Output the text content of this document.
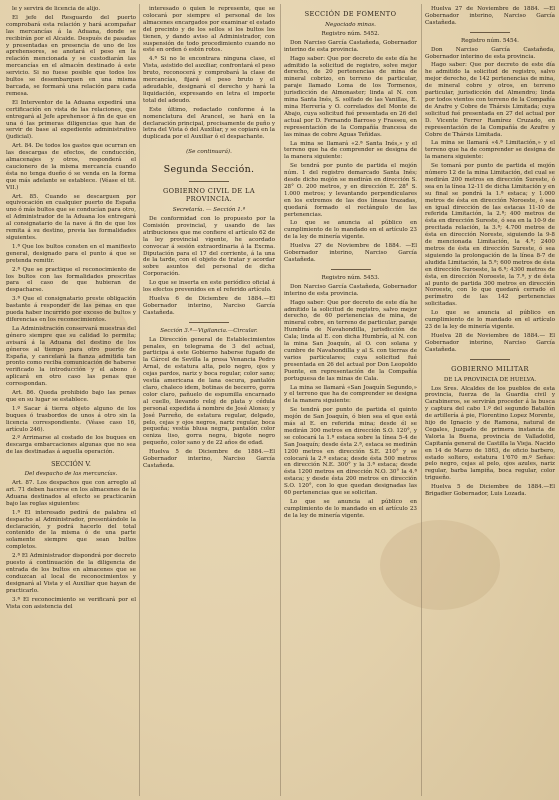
le y servirá de licencia de alijo.

El jefe del Resguardo del puerto comprobará esta relación y hará acompañar las mercancías á la Aduana, donde se recibirán por el Alcaide. Después de pasadas y presentadas en presencia de uno de los aprehensores, se anotará el peso en la relación mencionada y se custodiarán las mercancías en el almacén destinado á este servicio. Si no fuese posible que todos los bultos se desembarquen en una misma barcada, se formará una relación para cada remesa.

El Interventor de la Aduana expedirá una certificación en vista de las relaciones, que entregará al Jefe aprehensor á fin de que en una ó las primeras diligencias que han de servir de base al expediente administrativo (judicial).

Art. 84. De todos los gastos que ocurran en las descargas de efectos, de conducción, almacenajes y otros, responderá el caucionero de la misma mercancía cuando ésta no tenga dueño ó se venda en la forma que más adelante se establece. (Véase el tit. VII.)

Art. 85. Cuando se descarguen por equivocación en cualquier puerto de España uno ó más bultos que se conducían para otro, el Administrador de la Aduana los entregará al consignatario de la nave á fin de que los remita á su destino, previa las formalidades siguientes.

1.ª Que los bultos consten en el manifiesto general, designado para el punto á que se pretenda remitir.

2.ª Que se practique el reconocimiento de los bultos con las formalidades prescritas para el caso de que hubieran de despacharse.

3.ª Que el consignatario preste obligación bastante á responder de las penas en que pueda haber incurrido por exceso de bultos y diferencias en los reconocimientos.

La Administración conservará muestras del género siempre que su calidad lo permita; avisará á la Aduana del destino de los géneros al tiempo para otro puerto de España, y cancelará la fianza admitida tan pronto como reciba comunicación de haberse verificado la introducción y el abono ó aplicará en otro caso las penas que correspondan.

Art. 86. Queda prohibido bajo las penas que en su lugar se establece.

1.º Sacar á tierra objeto alguno de los buques ó trasbordos de unos á otro sin la licencia correspondiente. (Véase caso 16, artículo 246).

2.º Arrimarse al costado de los buques en descarga embarcaciones algunas que no sea de las destinadas á aquella operación.

SECCIÓN V.

Del despacho de las mercancías.

Art. 87. Los despachos que con arreglo al art. 71 deben hacerse en los almacenes de la Aduana destinados al efecto se practicarán bajo las reglas siguientes:

1.ª El interesado pedirá de palabra el despacho al Administrador, presentándole la declaración, y podrá hacerlo del total contenido de la misma ó de una parte solamente siempre que sean bultos completos.

2.ª El Administrador dispondrá por decreto puesto á continuación de la diligencia de entrada de los bultos en almacenes que se conduzcan al local de reconocimientos y designará al Vista y el Auxiliar que hayan de practicarlo.

3.ª El reconocimiento se verificará por el Vista con asistencia del

interesado ó quien le represente, que se colocará por siempre el personal de los almacenes encargados por examinar el estado del precinto y de los sellos si los bultos los tienen, y dando aviso al Administrador, con suspensión de todo procedimiento cuando no esté en orden ó estén rotos.

4.ª Si no le encontrara ninguna clase, el Vista, asistido del auxiliar, confrontará el peso bruto, reconocerá y comprobará la clase de mercancías, fijará el peso bruto y el adeudable, designará el derecho y hará la liquidación, expresando en letra el importe total del adeudo.

Este último, redactado conforme á la nomenclatura del Arancel, se hará en la declaración principal, precisamente de puño y letra del Vista ó del Auxiliar, y se copiará en la duplicada por el Auxiliar ó el despachante.

(Se continuará).

Segunda Sección.

GOBIERNO CIVIL DE LA PROVINCIA.

Secretaría. — Sección 1.ª

De conformidad con lo propuesto por la Comisión provincial, y usando de las atribuciones que me confiere el artículo 62 de la ley provincial vigente, he acordado convocar á sesión extraordinaria á la Excma. Diputación para el 17 del corriente, á la una de la tarde, con el objeto de tratar y acordar sobre asuntos del personal de dicha Corporación.

Lo que se inserta en este periódico oficial á los efectos prevenidos en el referido artículo.

Huelva 6 de Diciembre de 1884.—El Gobernador interino, Narciso García Castañeda.

Sección 3.ª—Vigilancia.—Circular.

La Dirección general de Establecimientos penales, en telegrama de 3 del actual, participa á este Gobierno haberse fugado de la Cárcel de Sevilla la presa Venancia Pedro Arnal, de estatura alta, pelo negro, ojos y cejas pardos, nariz y boca regular, color sano; vestía americana de lana oscura, pantalón claro, chaleco idem, botinas de becerro, gorra color claro, pañuelo de espumilla encarnado al cuello, llevando reloj de plata y cédula personal expedida á nombre de José Alonso; y José Parreño, de estatura regular, delgado, pelo, cejas y ojos negros, nariz regular, boca pequeña; vestía blusa negra, pantalón color ceniza liso, gorra negra, bigote negro pequeño, color sano y de 22 años de edad.

Huelva 5 de Diciembre de 1884.—El Gobernador interino, Narciso García Castañeda.

SECCIÓN DE FOMENTO

Negociado minas.

Registro núm. 5452.

Don Narciso García Castañeda, Gobernador interino de esta provincia.

Hago saber: Que por decreto de este día he admitido la solicitud de registro, solve mejor derecho, de 20 pertenencias de mina de mineral cobrizo, en terreno de particular, paraje llamado Loma de los Tormenos, jurisdicción de Almonaster; linda al N. con mina Santa Inés, S. solfado de las Vanillas, E. mina Herrería y O. correlados del Monte de Abajo, cuya solicitud fué presentada en 26 del actual por D. Fernando Barroso y Frasseu, en representación de la Compañía francesa de las minas de cobre Aguas Teñidas.

La mina se llamará «2.ª Santa Inés,» y el terreno que ha de comprender se designa de la manera siguiente:

Se tendrá por punto de partida el mojón núm. 1 del registro demarcado Santa Inés; desde dicho mojón se medirán en dirección S. 28° O. 200 metros, y en dirección E. 28° S. 1.000 metros; y levantando perpendiculares en los extremos de las dos líneas trazadas, quedará formado el rectángulo de las pertenencias.

Lo que se anuncia al público en cumplimiento de lo mandado en el artículo 23 de la ley de minería vigente.

Huelva 27 de Noviembre de 1884. —El Gobernador interino, Narciso García Castañeda.

Registro núm. 5453.

Don Narciso García Castañeda, Gobernador interino de esta provincia.

Hago saber: Que por decreto de este día he admitido la solicitud de registro, salvo mejor derecho, de 60 pertenencias de mina, de mineral cobre, en terreno de particular, paraje Humbría de Navahondilla, jurisdicción de Cala; linda al E. con dicha Humbría, al N. con la mina San Joaquín, al O. con solana y cumbre de Navahondilla y al S. con tierras de varios particulares; cuya solicitud fué presentada en 26 del actual por Don Leopoldo Puente, en representación de la Compañía portuguesa de las minas de Cala.

La mina se llamará «San Joaquín Segundo,» y el terreno que ha de comprender se designa de la manera siguiente:

Se tendrá por punto de partida el quinto mojón de San Joaquín, ó bien sea el que está más al E. en referida mina; desde él se medirán 300 metros en dirección S.O. 120°, y se colocará la 1.ª estaca sobre la línea 5-4 de San Joaquín; desde ésta 2.ª, estaca se medirán 1200 metros en dirección S.E. 210° y se colocará la 2.ª estaca; desde ésta 500 metros en dirección N.E. 300° y la 3.ª estaca; desde ésta 1200 metros en dirección N.O. 30° la 4.ª estaca; y desde ésta 200 metros en dirección S.O. 120°, con lo que quedan designadas las 60 pertenencias que se solicitan.

Lo que se anuncia al público en cumplimiento de lo mandado en el artículo 23 de la ley de minería vigente.

Huelva 27 de Noviembre de 1884. —El Gobernador interino, Narciso García Castañeda.

Registro núm. 5454.

Don Narciso García Castañeda, Gobernador interino de esta provincia.

Hago saber: Que por decreto de este día he admitido la solicitud de registro, salvo mejor derecho, de 142 pertenencias de mina, de mineral cobre y otros, en terreno particular, jurisdicción del Almendro; linda por todos vientos con terreno de la Compañía de Arafre y Cobre de Thársis Limitada; cuya solicitud fué presentada en 27 del actual por D. Vicente Ferrer Ramírez Cruzado, en representación de la Compañía de Azufre y Cobre de Thársis Limitada.

La mina se llamará «4.ª Limitación,» y el terreno que ha de comprender se designa de la manera siguiente:

Se tomará por punto de partida el mojón número 12 de la mina Limitación, del cual se medirán 200 metros en dirección Sureste, ó sea en la línea 12-11 de dicha Limitación y en su final se pondrá la 1.ª estaca; y 1.000 metros de ésta en dirección Noroeste, ó sea en igual dirección de las estacas 11-10 de referida Limitación, la 2.ª; 400 metros de ésta en dirección Sureste, ó sea en la 10-9 de precitada relación, la 3.ª; 4.700 metros de ésta en dirección Noreste, siguiendo la 9-8 de mencionada Limitación, la 4.ª; 2400 metros de ésta en dirección Sureste, ó sea siguiendo la prolongación de la línea 8-7 de aludida Limitación, la 5.ª; 600 metros de ésta en dirección Suroeste, la 6.ª; 4300 metros de ésta, en dirección Noroeste, la 7.ª, y de ésta al punto de partida 300 metros en dirección Noroeste, con lo que quedará cerrado el perímetro de las 142 pertenencias solicitadas.

Lo que se anuncia al público en cumplimiento de lo mandado en el artículo 23 de la ley de minería vigente.

Huelva 28 de Noviembre de 1884.— El Gobernador interino, Narciso García Castañeda.

GOBIERNO MILITAR

DE LA PROVINCIA DE HUELVA.

Los Sres. Alcaldes de los pueblos de esta provincia, fuerza de la Guardia civil y Carabineros, se servirán proceder á la busca y captura del cabo 1.º del segundo Batallón de artillería á pie, Florentino Lopez Morente, hijo de Ignacio y de Ramona, natural de Cegales, Juzgado de primera instancia de Valoria la Buena, provincia de Valladolid, Capitanía general de Castilla la Vieja. Nacido en 14 de Marzo de 1863, de oficio barbero, estado soltero, estatura 1'670 m.º Señas: pelo negro, cejas al pelo, ojos azules, nariz regular, barba lampiña, boca regular, color trigueño.

Huelva 5 de Diciembre de 1884.—El Brigadier Gobernador, Luis Lozada.
